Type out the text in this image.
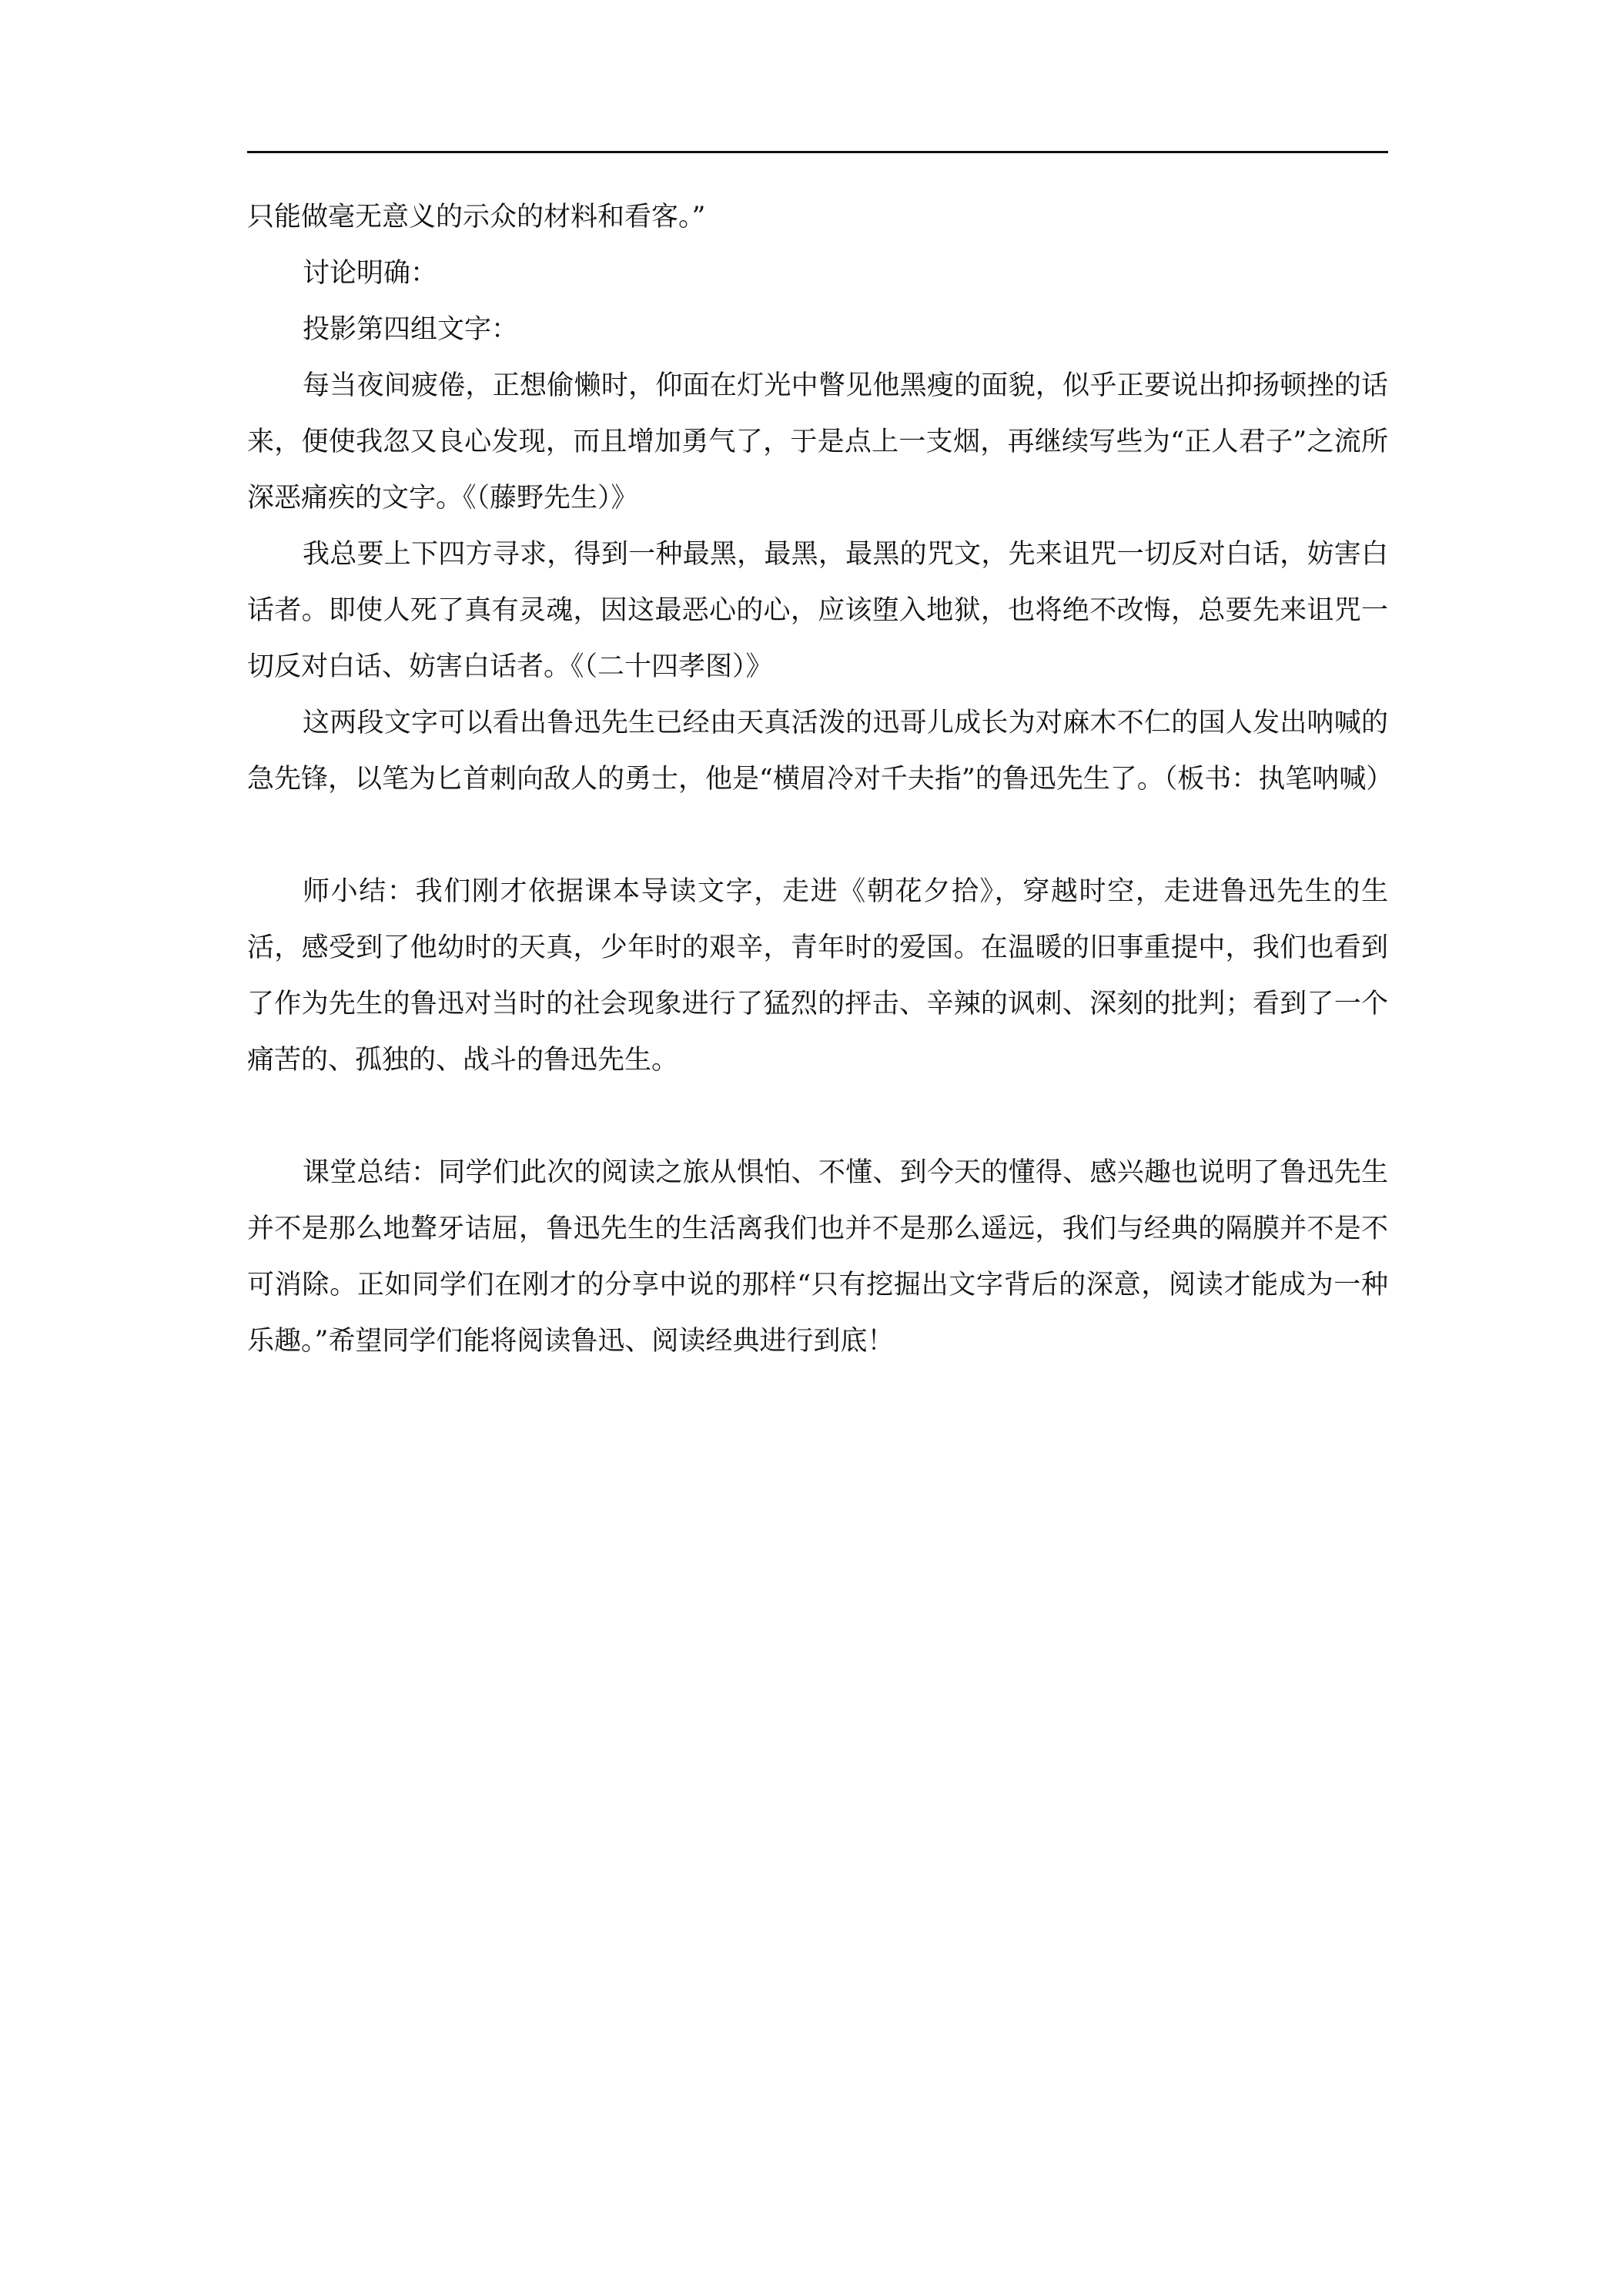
只能做毫无意义的示众的材料和看客。”

讨论明确：

投影第四组文字：

每当夜间疲倦，正想偷懒时，仰面在灯光中瞥见他黑瘦的面貌，似乎正要说出抑扬顿挫的话来，便使我忽又良心发现，而且增加勇气了，于是点上一支烟，再继续写些为“正人君子”之流所深恶痛疾的文字。《（藤野先生）》

我总要上下四方寻求，得到一种最黑，最黑，最黑的咒文，先来诅咒一切反对白话，妨害白话者。即使人死了真有灵魂，因这最恶心的心，应该堕入地狱，也将绝不改悔，总要先来诅咒一切反对白话、妨害白话者。《（二十四孝图）》

这两段文字可以看出鲁迅先生已经由天真活泼的迅哥儿成长为对麻木不仁的国人发出呐喊的急先锋，以笔为匕首刺向敌人的勇士，他是“横眉冷对千夫指”的鲁迅先生了。（板书：执笔呐喊）

师小结：我们刚才依据课本导读文字，走进《朝花夕拾》，穿越时空，走进鲁迅先生的生活，感受到了他幼时的天真，少年时的艰辛，青年时的爱国。在温暖的旧事重提中，我们也看到了作为先生的鲁迅对当时的社会现象进行了猛烈的抨击、辛辣的讽刺、深刻的批判；看到了一个痛苦的、孤独的、战斗的鲁迅先生。

课堂总结：同学们此次的阅读之旅从惧怕、不懂、到今天的懂得、感兴趣也说明了鲁迅先生并不是那么地聱牙诘屈，鲁迅先生的生活离我们也并不是那么遥远，我们与经典的隔膜并不是不可消除。正如同学们在刚才的分享中说的那样“只有挖掘出文字背后的深意，阅读才能成为一种乐趣。”希望同学们能将阅读鲁迅、阅读经典进行到底！
